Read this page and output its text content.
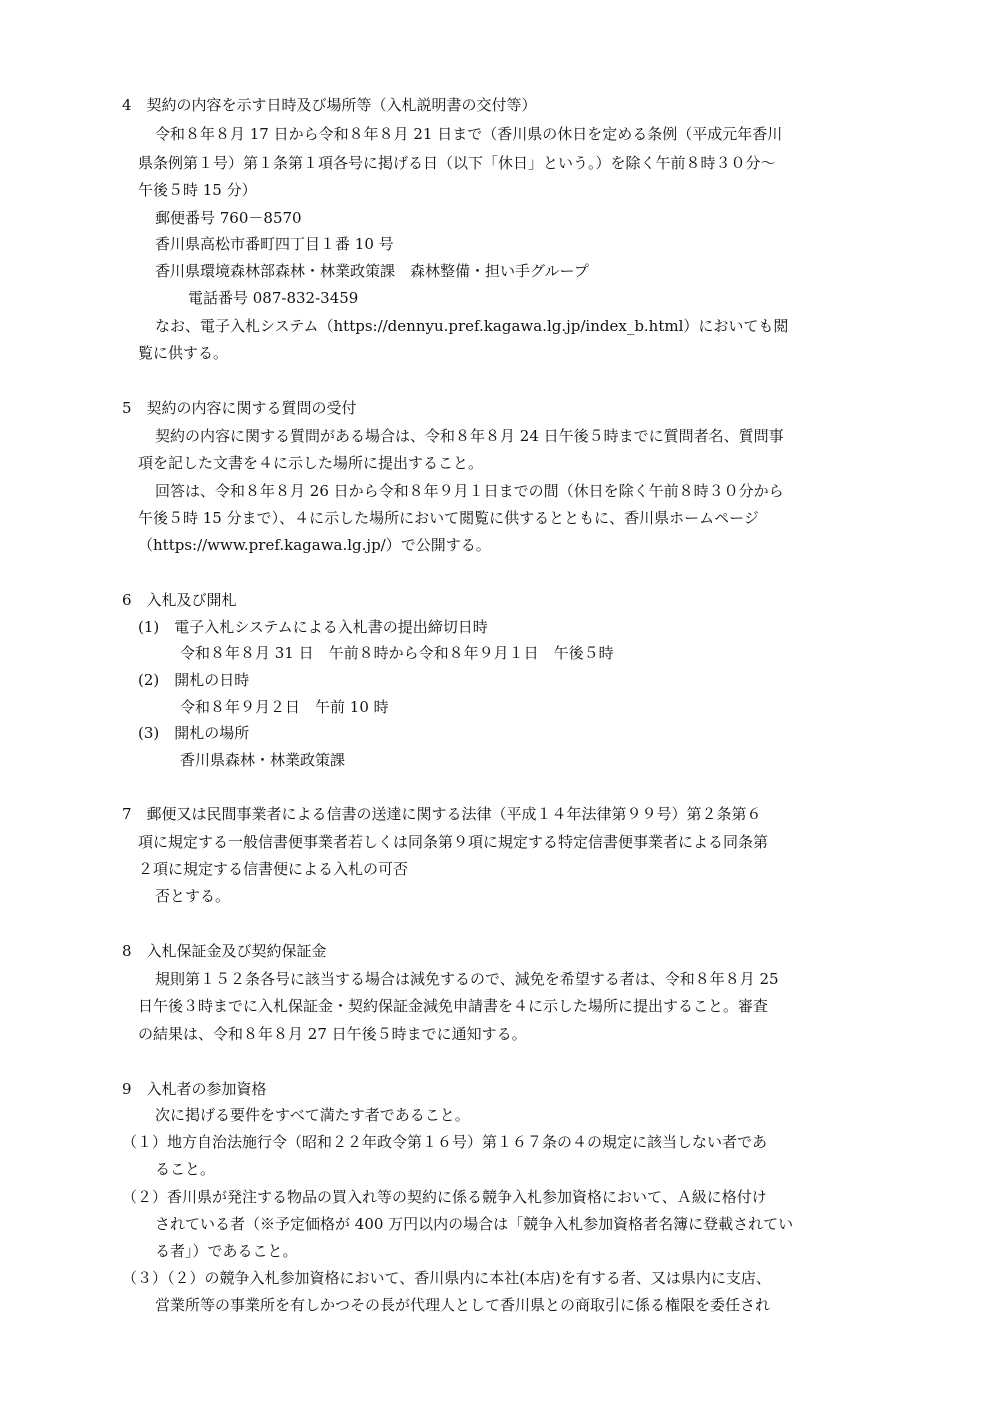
4　契約の内容を示す日時及び場所等（入札説明書の交付等）

令和８年８月 17 日から令和８年８月 21 日まで（香川県の休日を定める条例（平成元年香川

県条例第１号）第１条第１項各号に掲げる日（以下「休日」という。）を除く午前８時３０分～

午後５時 15 分）

郵便番号 760－8570

香川県高松市番町四丁目１番 10 号

香川県環境森林部森林・林業政策課　森林整備・担い手グループ

電話番号 087-832-3459

なお、電子入札システム（https://dennyu.pref.kagawa.lg.jp/index_b.html）においても閲

覧に供する。

5　契約の内容に関する質問の受付

契約の内容に関する質問がある場合は、令和８年８月 24 日午後５時までに質問者名、質問事

項を記した文書を４に示した場所に提出すること。

回答は、令和８年８月 26 日から令和８年９月１日までの間（休日を除く午前８時３０分から

午後５時 15 分まで）、４に示した場所において閲覧に供するとともに、香川県ホームページ

（https://www.pref.kagawa.lg.jp/）で公開する。

6　入札及び開札

(1)　電子入札システムによる入札書の提出締切日時

令和８年８月 31 日　午前８時から令和８年９月１日　午後５時

(2)　開札の日時

令和８年９月２日　午前 10 時

(3)　開札の場所

香川県森林・林業政策課

7　郵便又は民間事業者による信書の送達に関する法律（平成１４年法律第９９号）第２条第６

項に規定する一般信書便事業者若しくは同条第９項に規定する特定信書便事業者による同条第

２項に規定する信書便による入札の可否

否とする。

8　入札保証金及び契約保証金

規則第１５２条各号に該当する場合は減免するので、減免を希望する者は、令和８年８月 25

日午後３時までに入札保証金・契約保証金減免申請書を４に示した場所に提出すること。審査

の結果は、令和８年８月 27 日午後５時までに通知する。

9　入札者の参加資格

次に掲げる要件をすべて満たす者であること。

（１）地方自治法施行令（昭和２２年政令第１６号）第１６７条の４の規定に該当しない者であ

ること。

（２）香川県が発注する物品の買入れ等の契約に係る競争入札参加資格において、Ａ級に格付け

されている者（※予定価格が 400 万円以内の場合は「競争入札参加資格者名簿に登載されてい

る者」）であること。

（３）（２）の競争入札参加資格において、香川県内に本社(本店)を有する者、又は県内に支店、

営業所等の事業所を有しかつその長が代理人として香川県との商取引に係る権限を委任され
